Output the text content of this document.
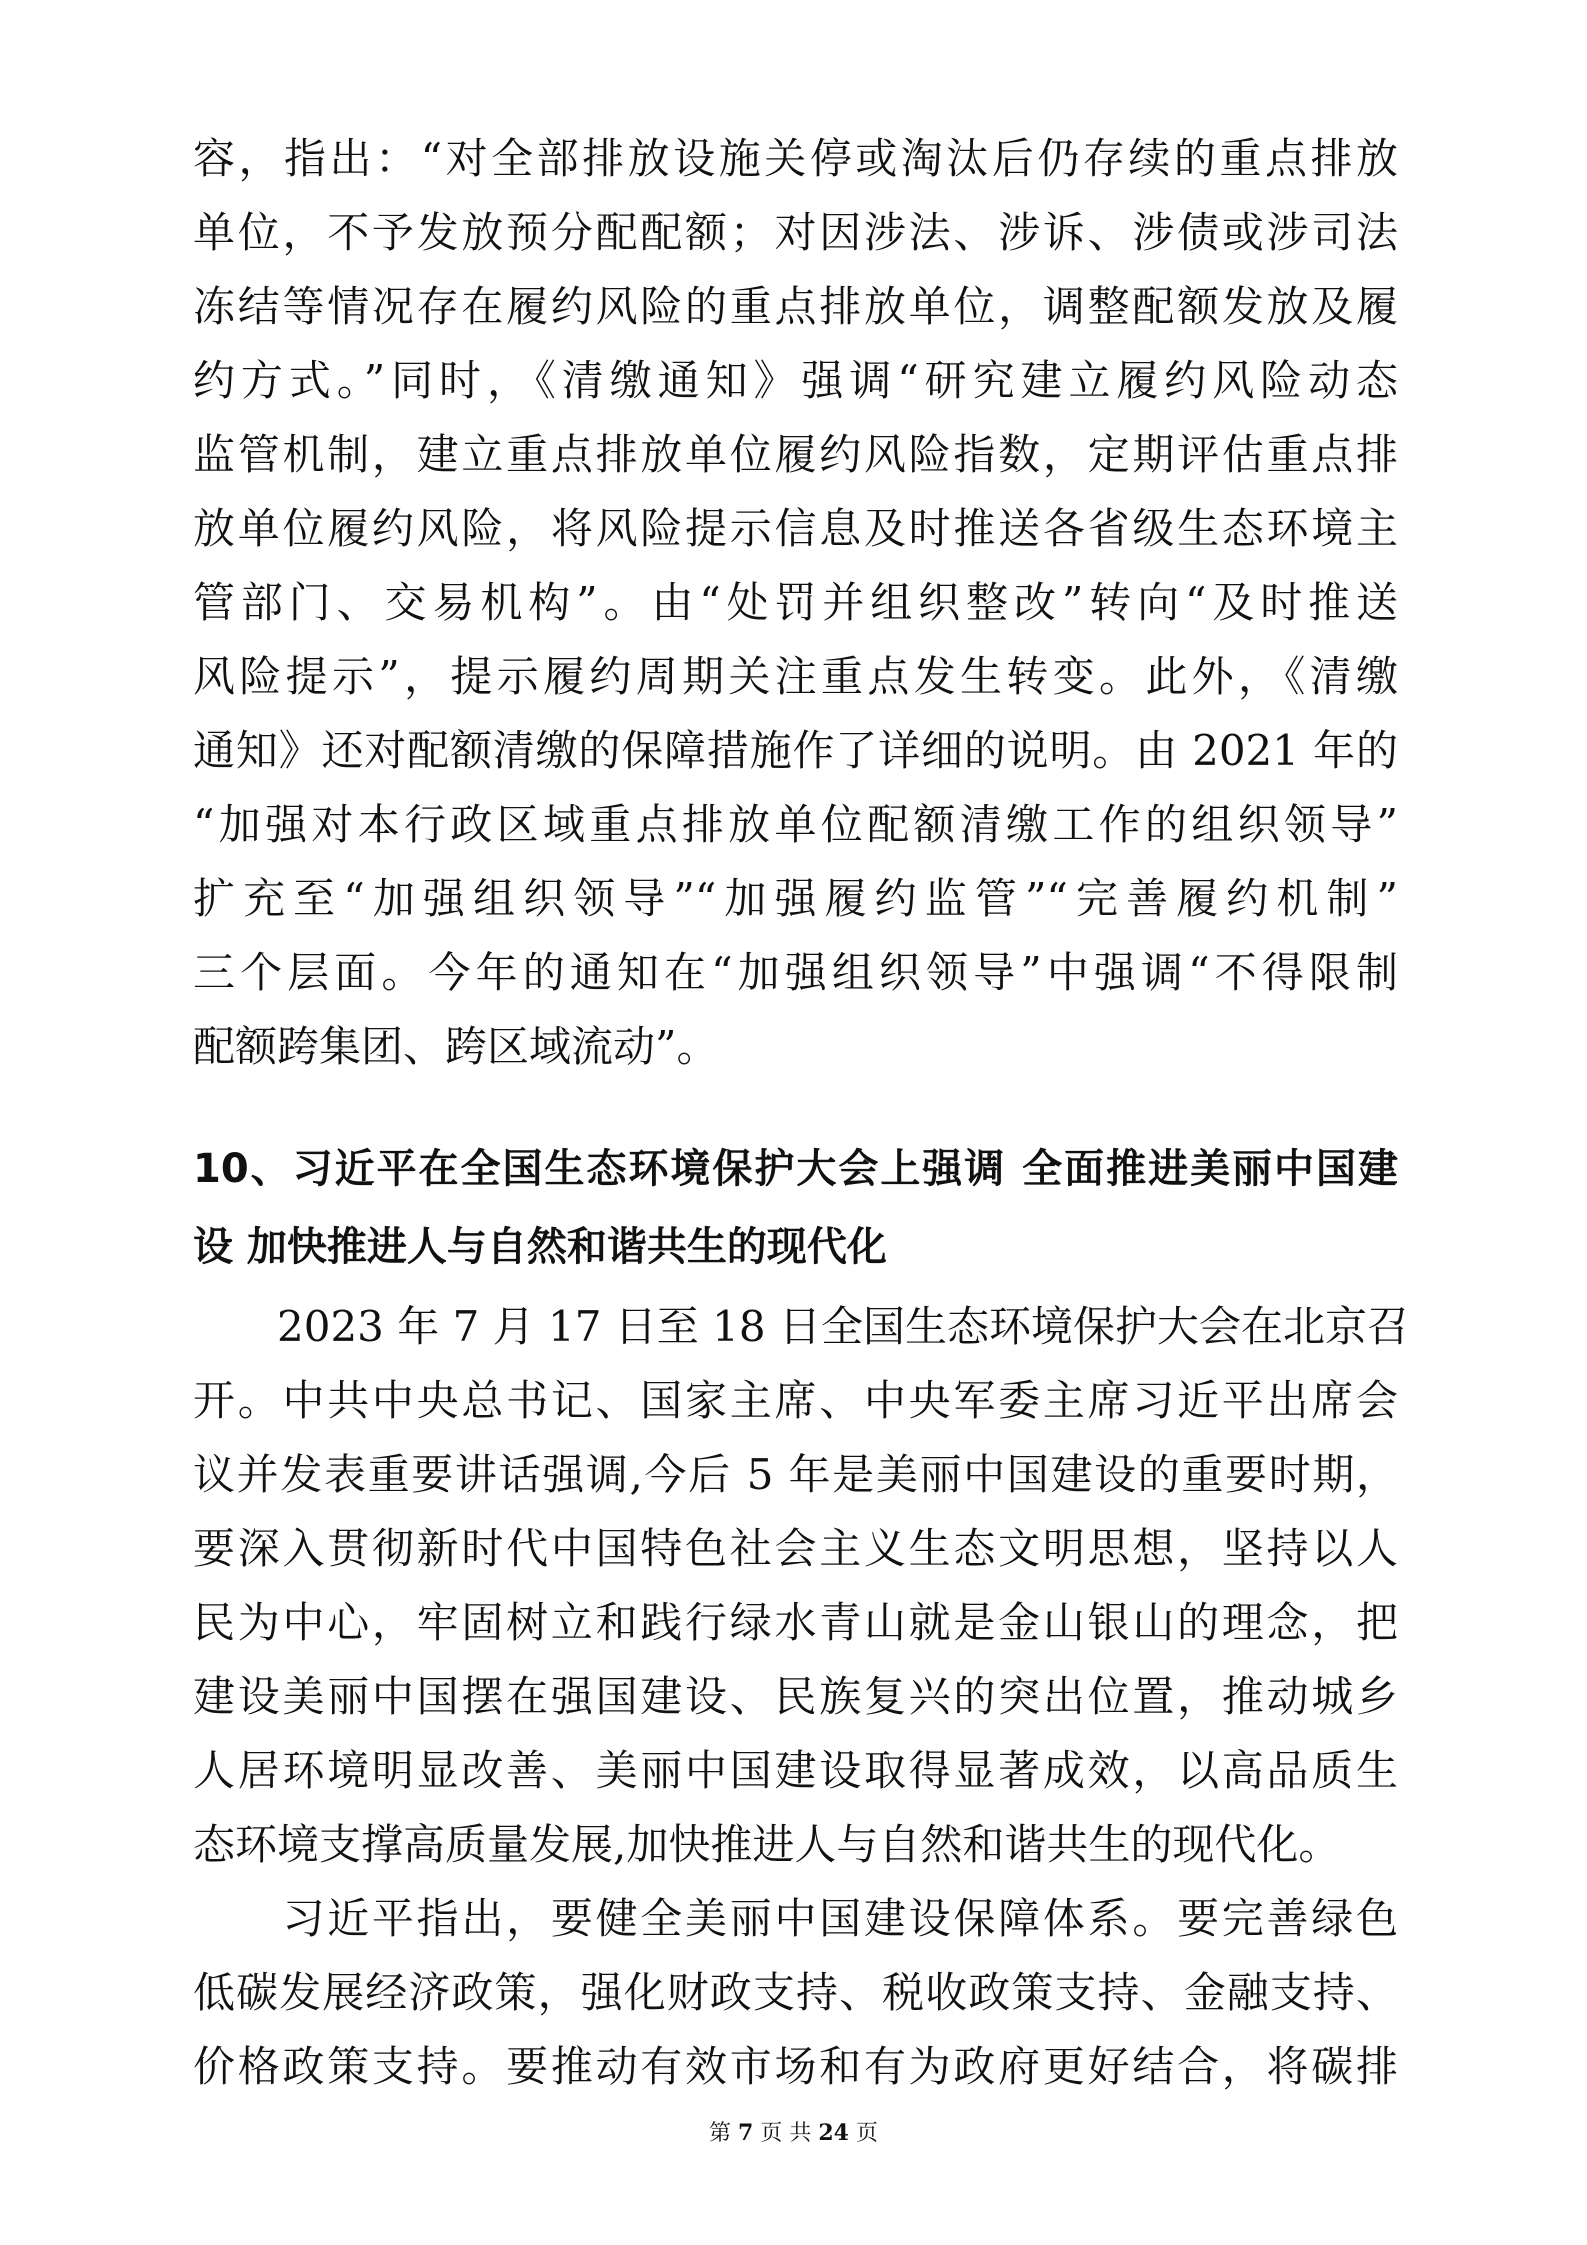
容，指出：“对全部排放设施关停或淘汰后仍存续的重点排放
单位，不予发放预分配配额；对因涉法、涉诉、涉债或涉司法
冻结等情况存在履约风险的重点排放单位，调整配额发放及履
约方式。”同时，《清缴通知》强调“研究建立履约风险动态
监管机制，建立重点排放单位履约风险指数，定期评估重点排
放单位履约风险，将风险提示信息及时推送各省级生态环境主
管部门、交易机构”。由“处罚并组织整改”转向“及时推送
风险提示”，提示履约周期关注重点发生转变。此外，《清缴
通知》还对配额清缴的保障措施作了详细的说明。由 2021 年的
“加强对本行政区域重点排放单位配额清缴工作的组织领导”
扩充至“加强组织领导”“加强履约监管”“完善履约机制”
三个层面。今年的通知在“加强组织领导”中强调“不得限制
配额跨集团、跨区域流动”。
10、习近平在全国生态环境保护大会上强调 全面推进美丽中国建
设 加快推进人与自然和谐共生的现代化
　　2023 年 7 月 17 日至 18 日全国生态环境保护大会在北京召
开。中共中央总书记、国家主席、中央军委主席习近平出席会
议并发表重要讲话强调,今后 5 年是美丽中国建设的重要时期，
要深入贯彻新时代中国特色社会主义生态文明思想，坚持以人
民为中心，牢固树立和践行绿水青山就是金山银山的理念，把
建设美丽中国摆在强国建设、民族复兴的突出位置，推动城乡
人居环境明显改善、美丽中国建设取得显著成效，以高品质生
态环境支撑高质量发展,加快推进人与自然和谐共生的现代化。
　　习近平指出，要健全美丽中国建设保障体系。要完善绿色
低碳发展经济政策，强化财政支持、税收政策支持、金融支持、
价格政策支持。要推动有效市场和有为政府更好结合，将碳排
第 7 页 共 24 页
